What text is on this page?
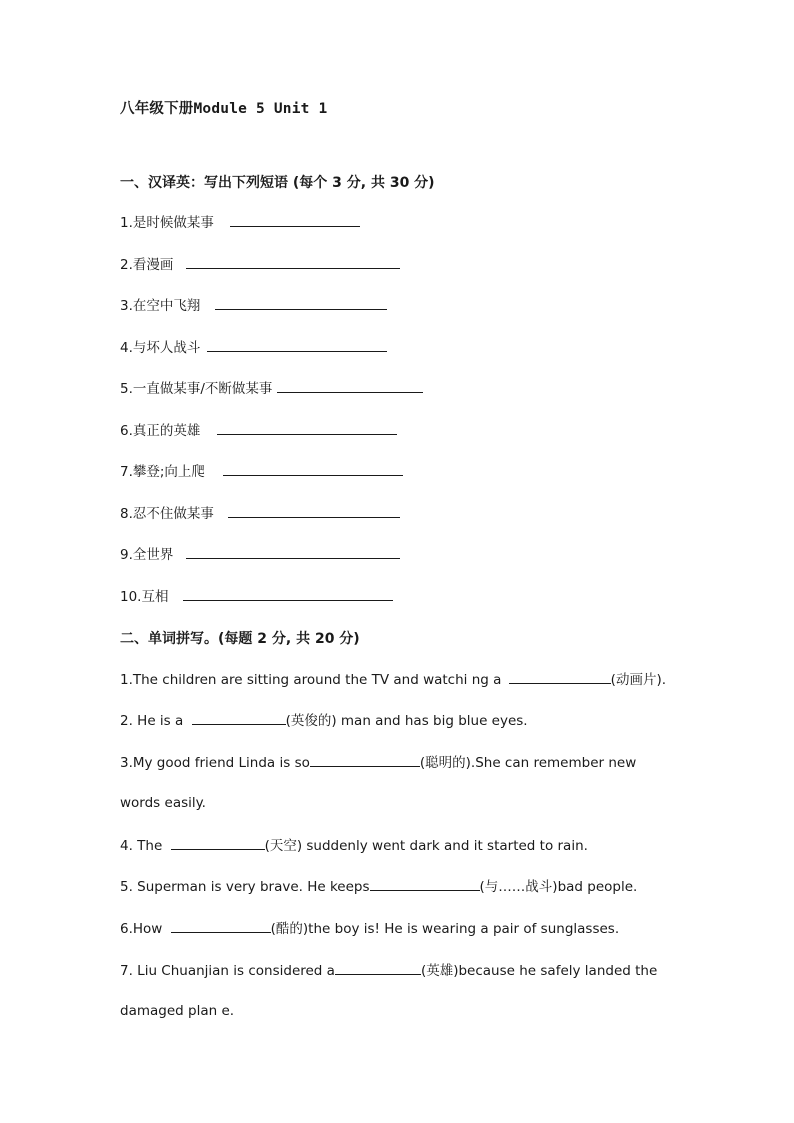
八年级下册Module 5 Unit 1
一、汉译英：写出下列短语 (每个 3 分, 共 30 分)
1.是时候做某事
2.看漫画
3.在空中飞翔
4.与坏人战斗
5.一直做某事/不断做某事
6.真正的英雄
7.攀登;向上爬
8.忍不住做某事
9.全世界
10.互相
二、单词拼写。(每题 2 分, 共 20 分)
1.The children are sitting around the TV and watchi ng a	(动画片).
2. He is a	(英俊的) man and has big blue eyes.
3.My good friend Linda is so	(聪明的).She can remember new
words easily.
4. The	(天空) suddenly went dark and it started to rain.
5. Superman is very brave. He keeps	(与……战斗)bad people.
6.How	(酷的)the boy is! He is wearing a pair of sunglasses.
7. Liu Chuanjian is considered a	(英雄)because he safely landed the
damaged plan e.
